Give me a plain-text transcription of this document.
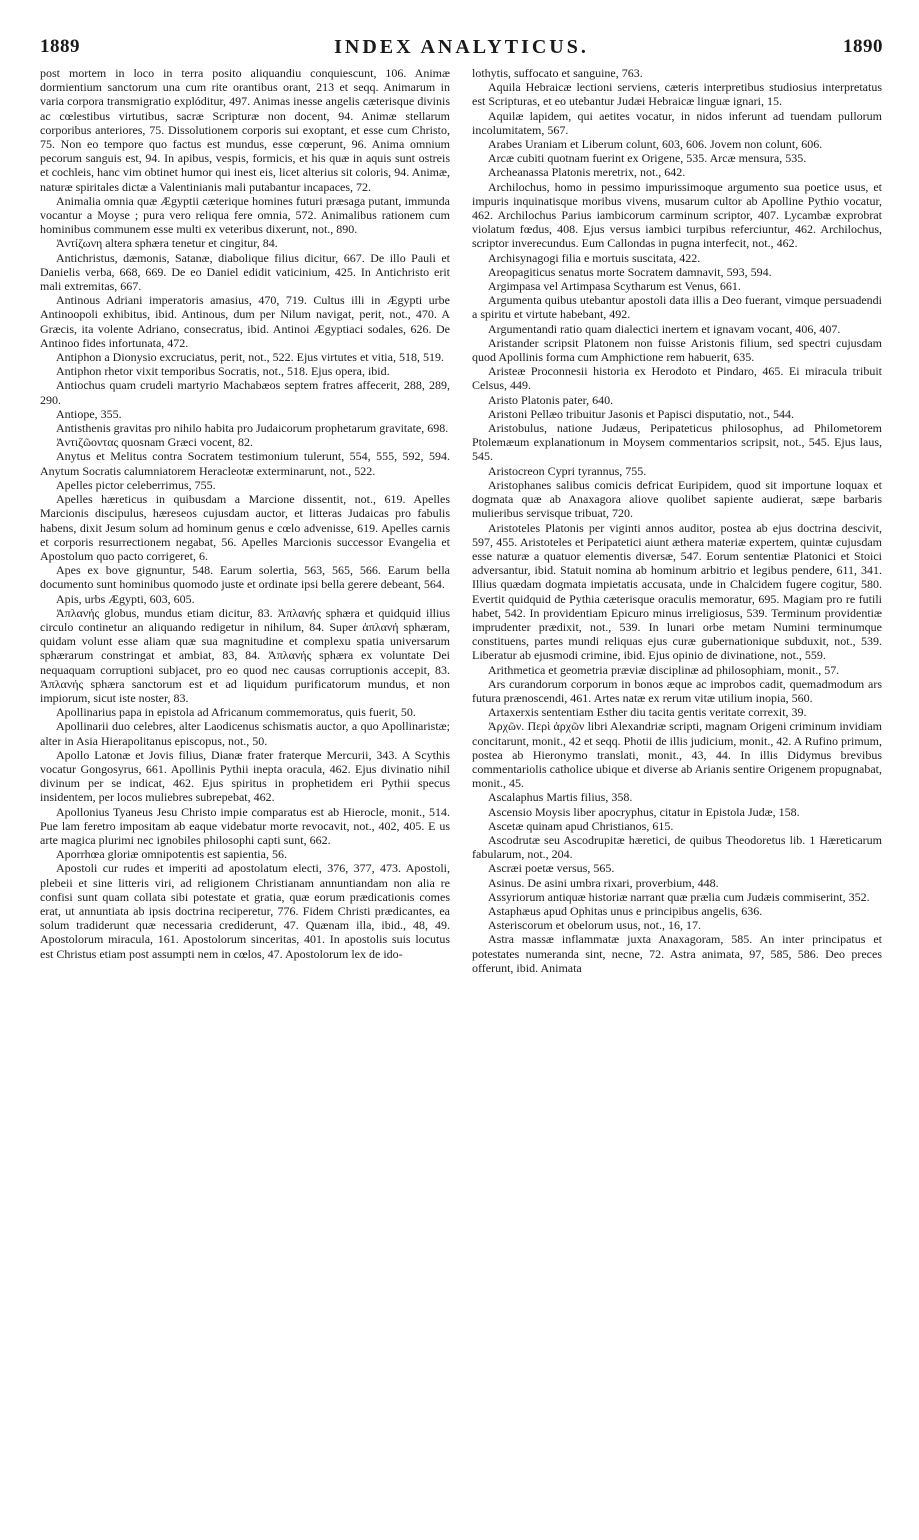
1889	INDEX ANALYTICUS.	1890

post mortem in loco in terra posito aliquandiu conquiescunt, 106. Animæ dormientium sanctorum una cum rite orantibus orant, 213 et seqq. Animarum in varia corpora transmigratio explóditur, 497. Animas inesse angelis cæterisque divinis ac cœlestibus virtutibus, sacræ Scripturæ non docent, 94. Animæ stellarum corporibus anteriores, 75. Dissolutionem corporis sui exoptant, et esse cum Christo, 75. Non eo tempore quo factus est mundus, esse cœperunt, 96. Anima omnium pecorum sanguis est, 94. In apibus, vespis, formicis, et his quæ in aquis sunt ostreis et cochleis, hanc vim obtinet humor qui inest eis, licet alterius sit coloris, 94. Animæ, naturæ spiritales dictæ a Valentinianis mali putabantur incapaces, 72.

Animalia omnia quæ Ægyptii cæterique homines futuri præsaga putant, immunda vocantur a Moyse ; pura vero reliqua fere omnia, 572. Animalibus rationem cum hominibus communem esse multi ex veteribus dixerunt, not., 890.

Ἀντίζωνη altera sphæra tenetur et cingitur, 84.

Antichristus, dæmonis, Satanæ, diabolique filius dicitur, 667. De illo Pauli et Danielis verba, 668, 669. De eo Daniel edidit vaticinium, 425. In Antichristo erit mali extremitas, 667.

Antinous Adriani imperatoris amasius, 470, 719. Cultus illi in Ægypti urbe Antinoopoli exhibitus, ibid. Antinous, dum per Nilum navigat, perit, not., 470. A Græcis, ita volente Adriano, consecratus, ibid. Antinoi Ægyptiaci sodales, 626. De Antinoo fides infortunata, 472.

Antiphon a Dionysio excruciatus, perit, not., 522. Ejus virtutes et vitia, 518, 519.

Antiphon rhetor vixit temporibus Socratis, not., 518. Ejus opera, ibid.

Antiochus quam crudeli martyrio Machabæos septem fratres affecerit, 288, 289, 290.

Antiope, 355.

Antisthenis gravitas pro nihilo habita pro Judaicorum prophetarum gravitate, 698.

Ἀντιζῶοντας quosnam Græci vocent, 82.

Anytus et Melitus contra Socratem testimonium tulerunt, 554, 555, 592, 594. Anytum Socratis calumniatorem Heracleotæ exterminarunt, not., 522.

Apelles pictor celeberrimus, 755.

Apelles hæreticus in quibusdam a Marcione dissentit, not., 619. Apelles Marcionis discipulus, hæreseos cujusdam auctor, et litteras Judaicas pro fabulis habens, dixit Jesum solum ad hominum genus e cœlo advenisse, 619. Apelles carnis et corporis resurrectionem negabat, 56. Apelles Marcionis successor Evangelia et Apostolum quo pacto corrigeret, 6.

Apes ex bove gignuntur, 548. Earum solertia, 563, 565, 566. Earum bella documento sunt hominibus quomodo juste et ordinate ipsi bella gerere debeant, 564.

Apis, urbs Ægypti, 603, 605.

Ἀπλανής globus, mundus etiam dicitur, 83. Ἀπλανής sphæra et quidquid illius circulo continetur an aliquando redigetur in nihilum, 84. Super ἀπλανή sphæram, quidam volunt esse aliam quæ sua magnitudine et complexu spatia universarum sphærarum constringat et ambiat, 83, 84. Ἀπλανής sphæra ex voluntate Dei nequaquam corruptioni subjacet, pro eo quod nec causas corruptionis accepit, 83. Ἀπλανής sphæra sanctorum est et ad liquidum purificatorum mundus, et non impiorum, sicut iste noster, 83.

Apollinarius papa in epistola ad Africanum commemoratus, quis fuerit, 50.

Apollinarii duo celebres, alter Laodicenus schismatis auctor, a quo Apollinaristæ; alter in Asia Hierapolitanus episcopus, not., 50.

Apollo Latonæ et Jovis filius, Dianæ frater fraterque Mercurii, 343. A Scythis vocatur Gongosyrus, 661. Apollinis Pythii inepta oracula, 462. Ejus divinatio nihil divinum per se indicat, 462. Ejus spiritus in prophetidem eri Pythii specus insidentem, per locos muliebres subrepebat, 462.

Apollonius Tyaneus Jesu Christo impie comparatus est ab Hierocle, monit., 514. Pue lam feretro impositam ab eaque videbatur morte revocavit, not., 402, 405. E us arte magica plurimi nec ignobiles philosophi capti sunt, 662.

Aporrhœa gloriæ omnipotentis est sapientia, 56.

Apostoli cur rudes et imperiti ad apostolatum electi, 376, 377, 473. Apostoli, plebeii et sine litteris viri, ad religionem Christianam annuntiandam non alia re confisi sunt quam collata sibi potestate et gratia, quæ eorum prædicationis comes erat, ut annuntiata ab ipsis doctrina reciperetur, 776. Fidem Christi prædicantes, ea solum tradiderunt quæ necessaria crediderunt, 47. Quænam illa, ibid., 48, 49. Apostolorum miracula, 161. Apostolorum sinceritas, 401. In apostolis suis locutus est Christus etiam post assumpti nem in cœlos, 47. Apostolorum lex de ido-

lothytis, suffocato et sanguine, 763.

Aquila Hebraicæ lectioni serviens, cæteris interpretibus studiosius interpretatus est Scripturas, et eo utebantur Judæi Hebraicæ linguæ ignari, 15.

Aquilæ lapidem, qui aetites vocatur, in nidos inferunt ad tuendam pullorum incolumitatem, 567.

Arabes Uraniam et Liberum colunt, 603, 606. Jovem non colunt, 606.

Arcæ cubiti quotnam fuerint ex Origene, 535. Arcæ mensura, 535.

Archeanassa Platonis meretrix, not., 642.

Archilochus, homo in pessimo impurissimoque argumento sua poetice usus, et impuris inquinatisque moribus vivens, musarum cultor ab Apolline Pythio vocatur, 462. Archilochus Parius iambicorum carminum scriptor, 407. Lycambæ exprobrat violatum fœdus, 408. Ejus versus iambici turpibus referciuntur, 462. Archilochus, scriptor inverecundus. Eum Callondas in pugna interfecit, not., 462.

Archisynagogi filia e mortuis suscitata, 422.

Areopagiticus senatus morte Socratem damnavit, 593, 594.

Argimpasa vel Artimpasa Scytharum est Venus, 661.

Argumenta quibus utebantur apostoli data illis a Deo fuerant, vimque persuadendi a spiritu et virtute habebant, 492.

Argumentandi ratio quam dialectici inertem et ignavam vocant, 406, 407.

Aristander scripsit Platonem non fuisse Aristonis filium, sed spectri cujusdam quod Apollinis forma cum Amphictione rem habuerit, 635.

Aristeæ Proconnesii historia ex Herodoto et Pindaro, 465. Ei miracula tribuit Celsus, 449.

Aristo Platonis pater, 640.

Aristoni Pellæo tribuitur Jasonis et Papisci disputatio, not., 544.

Aristobulus, natione Judæus, Peripateticus philosophus, ad Philometorem Ptolemæum explanationum in Moysem commentarios scripsit, not., 545. Ejus laus, 545.

Aristocreon Cypri tyrannus, 755.

Aristophanes salibus comicis defricat Euripidem, quod sit importune loquax et dogmata quæ ab Anaxagora aliove quolibet sapiente audierat, sæpe barbaris mulieribus servisque tribuat, 720.

Aristoteles Platonis per viginti annos auditor, postea ab ejus doctrina descivit, 597, 455. Aristoteles et Peripatetici aiunt æthera materiæ expertem, quintæ cujusdam esse naturæ a quatuor elementis diversæ, 547. Eorum sententiæ Platonici et Stoici adversantur, ibid. Statuit nomina ab hominum arbitrio et legibus pendere, 611, 341. Illius quædam dogmata impietatis accusata, unde in Chalcidem fugere cogitur, 580. Evertit quidquid de Pythia cæterisque oraculis memoratur, 695. Magiam pro re futili habet, 542. In providentiam Epicuro minus irreligiosus, 539. Terminum providentiæ imprudenter prædixit, not., 539. In lunari orbe metam Numini terminumque constituens, partes mundi reliquas ejus curæ gubernationique subduxit, not., 539. Liberatur ab ejusmodi crimine, ibid. Ejus opinio de divinatione, not., 559.

Arithmetica et geometria præviæ disciplinæ ad philosophiam, monit., 57.

Ars curandorum corporum in bonos æque ac improbos cadit, quemadmodum ars futura prænoscendi, 461. Artes natæ ex rerum vitæ utilium inopia, 560.

Artaxerxis sententiam Esther diu tacita gentis veritate correxit, 39.

Ἀρχῶν. Περὶ ἀρχῶν libri Alexandriæ scripti, magnam Origeni criminum invidiam concitarunt, monit., 42 et seqq. Photii de illis judicium, monit., 42. A Rufino primum, postea ab Hieronymo translati, monit., 43, 44. In illis Didymus brevibus commentariolis catholice ubique et diverse ab Arianis sentire Origenem propugnabat, monit., 45.

Ascalaphus Martis filius, 358.

Ascensio Moysis liber apocryphus, citatur in Epistola Judæ, 158.

Ascetæ quinam apud Christianos, 615.

Ascodrutæ seu Ascodrupitæ hæretici, de quibus Theodoretus lib. 1 Hæreticarum fabularum, not., 204.

Ascræi poetæ versus, 565.

Asinus. De asini umbra rixari, proverbium, 448.

Assyriorum antiquæ historiæ narrant quæ prælia cum Judæis commiserint, 352.

Astaphæus apud Ophitas unus e principibus angelis, 636.

Asteriscorum et obelorum usus, not., 16, 17.

Astra massæ inflammatæ juxta Anaxagoram, 585. An inter principatus et potestates numeranda sint, necne, 72. Astra animata, 97, 585, 586. Deo preces offerunt, ibid. Animata
